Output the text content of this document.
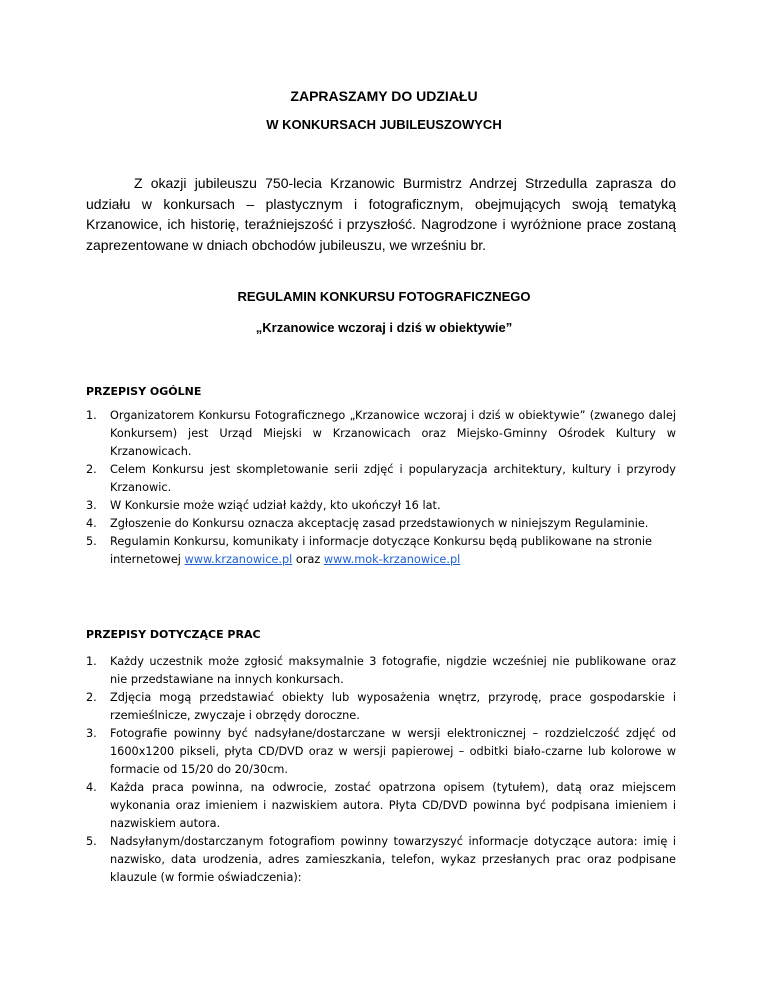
ZAPRASZAMY DO UDZIAŁU
W KONKURSACH JUBILEUSZOWYCH

Z okazji jubileuszu 750-lecia Krzanowic Burmistrz Andrzej Strzedulla zaprasza do udziału w konkursach – plastycznym i fotograficznym, obejmujących swoją tematyką Krzanowice, ich historię, teraźniejszość i przyszłość. Nagrodzone i wyróżnione prace zostaną zaprezentowane w dniach obchodów jubileuszu, we wrześniu br.

REGULAMIN KONKURSU FOTOGRAFICZNEGO
„Krzanowice wczoraj i dziś w obiektywie”

PRZEPISY OGÓLNE

1. Organizatorem Konkursu Fotograficznego „Krzanowice wczoraj i dziś w obiektywie” (zwanego dalej Konkursem) jest Urząd Miejski w Krzanowicach oraz Miejsko-Gminny Ośrodek Kultury w Krzanowicach.
2. Celem Konkursu jest skompletowanie serii zdjęć i popularyzacja architektury, kultury i przyrody Krzanowic.
3. W Konkursie może wziąć udział każdy, kto ukończył 16 lat.
4. Zgłoszenie do Konkursu oznacza akceptację zasad przedstawionych w niniejszym Regulaminie.
5. Regulamin Konkursu, komunikaty i informacje dotyczące Konkursu będą publikowane na stronie internetowej www.krzanowice.pl oraz www.mok-krzanowice.pl

PRZEPISY DOTYCZĄCE PRAC

1. Każdy uczestnik może zgłosić maksymalnie 3 fotografie, nigdzie wcześniej nie publikowane oraz nie przedstawiane na innych konkursach.
2. Zdjęcia mogą przedstawiać obiekty lub wyposażenia wnętrz, przyrodę, prace gospodarskie i rzemieślnicze, zwyczaje i obrzędy doroczne.
3. Fotografie powinny być nadsyłane/dostarczane w wersji elektronicznej – rozdzielczość zdjęć od 1600x1200 pikseli, płyta CD/DVD oraz w wersji papierowej – odbitki biało-czarne lub kolorowe w formacie od 15/20 do 20/30cm.
4. Każda praca powinna, na odwrocie, zostać opatrzona opisem (tytułem), datą oraz miejscem wykonania oraz imieniem i nazwiskiem autora. Płyta CD/DVD powinna być podpisana imieniem i nazwiskiem autora.
5. Nadsyłanym/dostarczanym fotografiom powinny towarzyszyć informacje dotyczące autora: imię i nazwisko, data urodzenia, adres zamieszkania, telefon, wykaz przesłanych prac oraz podpisane klauzule (w formie oświadczenia):
